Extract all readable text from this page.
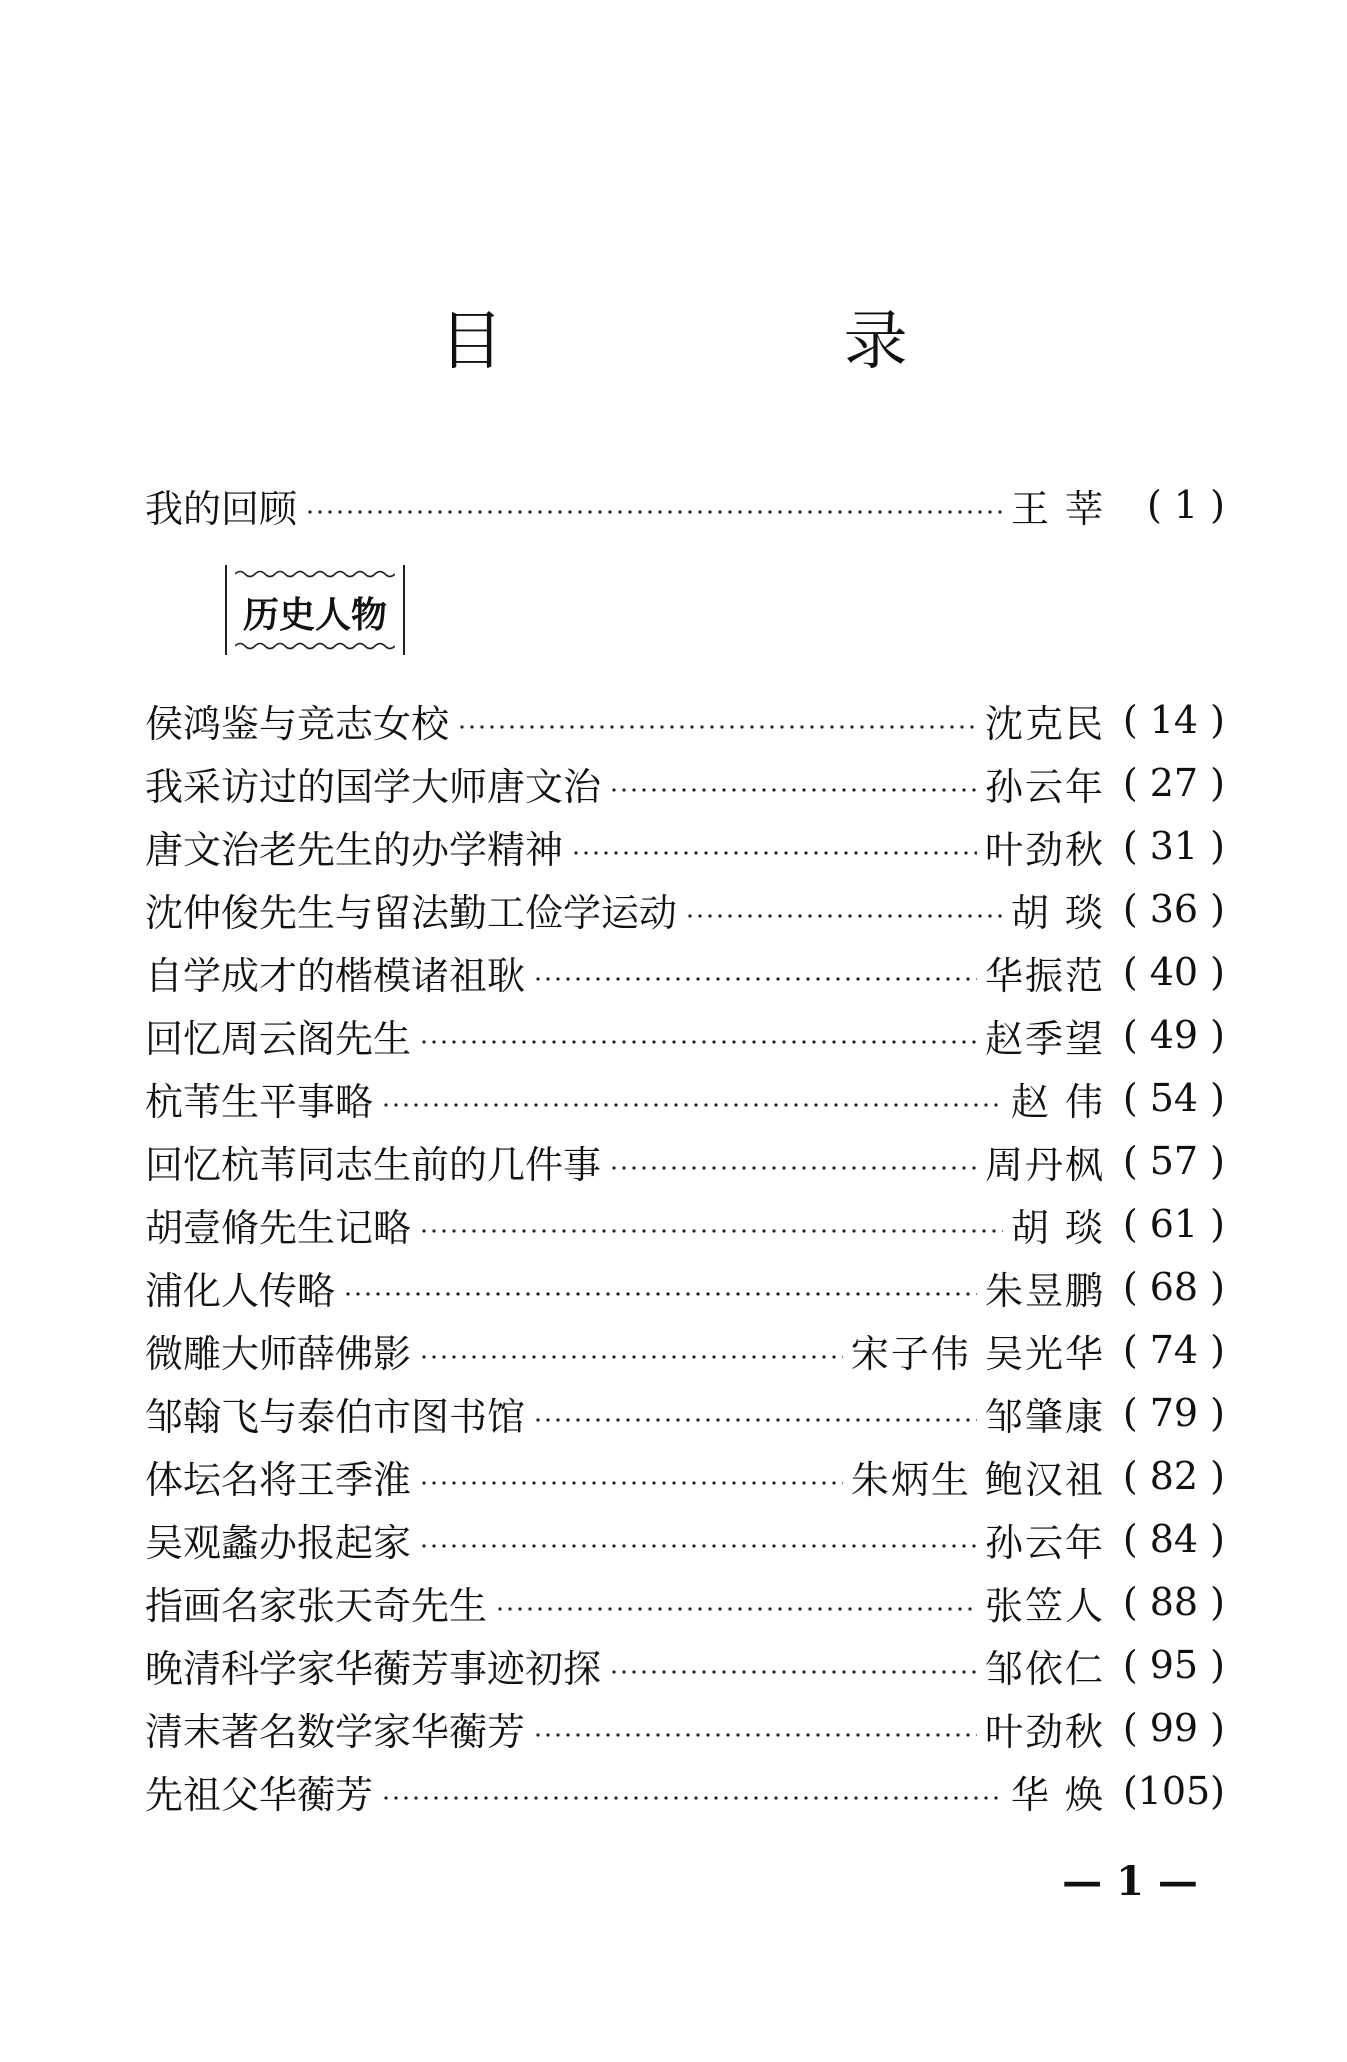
目 录
我的回顾	王 莘	( 1 )
历史人物
侯鸿鉴与竞志女校	沈克民 ( 14 )
我采访过的国学大师唐文治	孙云年 ( 27 )
唐文治老先生的办学精神	叶劲秋 ( 31 )
沈仲俊先生与留法勤工俭学运动	胡 琰 ( 36 )
自学成才的楷模诸祖耿	华振范 ( 40 )
回忆周云阁先生	赵季望 ( 49 )
杭苇生平事略	赵 伟 ( 54 )
回忆杭苇同志生前的几件事	周丹枫 ( 57 )
胡壹脩先生记略	胡 琰 ( 61 )
浦化人传略	朱昱鹏 ( 68 )
微雕大师薛佛影	宋子伟 吴光华 ( 74 )
邹翰飞与泰伯市图书馆	邹肇康 ( 79 )
体坛名将王季淮	朱炳生 鲍汉祖 ( 82 )
吴观蠡办报起家	孙云年 ( 84 )
指画名家张天奇先生	张笠人 ( 88 )
晚清科学家华蘅芳事迹初探	邹依仁 ( 95 )
清末著名数学家华蘅芳	叶劲秋 ( 99 )
先祖父华蘅芳	华 焕 (105)
— 1 —
